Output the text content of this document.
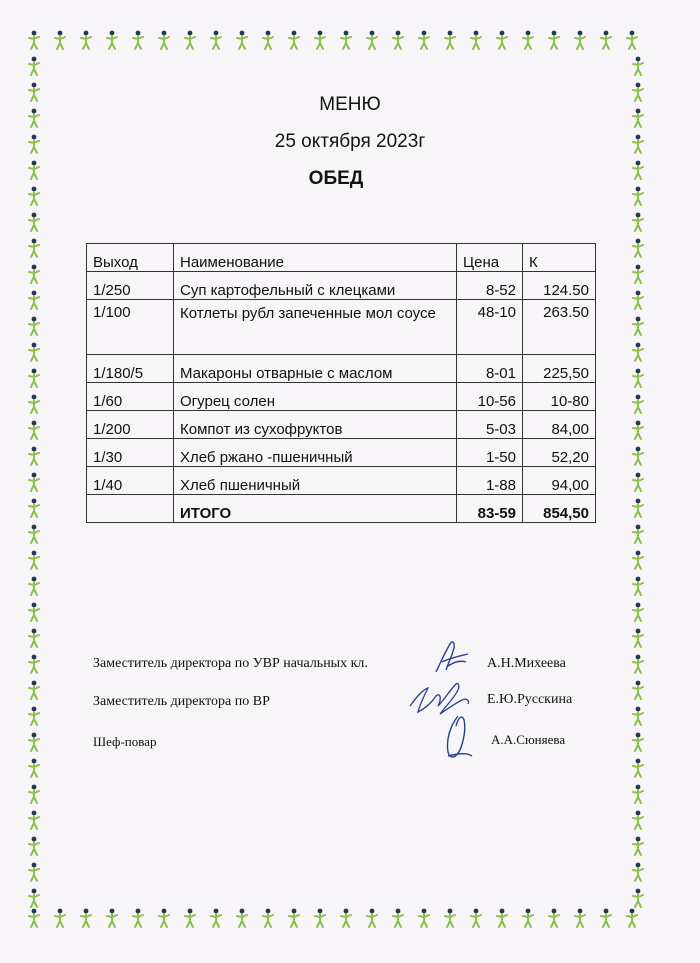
МЕНЮ
25 октября 2023г
ОБЕД
Выход	Наименование	Цена	К
1/250	Суп картофельный с клецками	8-52	124.50
1/100	Котлеты рубл запеченные мол соусе	48-10	263.50
1/180/5	Макароны отварные с маслом	8-01	225,50
1/60	Огурец солен	10-56	10-80
1/200	Компот из сухофруктов	5-03	84,00
1/30	Хлеб ржано -пшеничный	1-50	52,20
1/40	Хлеб пшеничный	1-88	94,00
	ИТОГО	83-59	854,50
Заместитель директора по УВР начальных кл.	А.Н.Михеева
Заместитель директора по ВР	Е.Ю.Русскина
Шеф-повар	А.А.Сюняева
